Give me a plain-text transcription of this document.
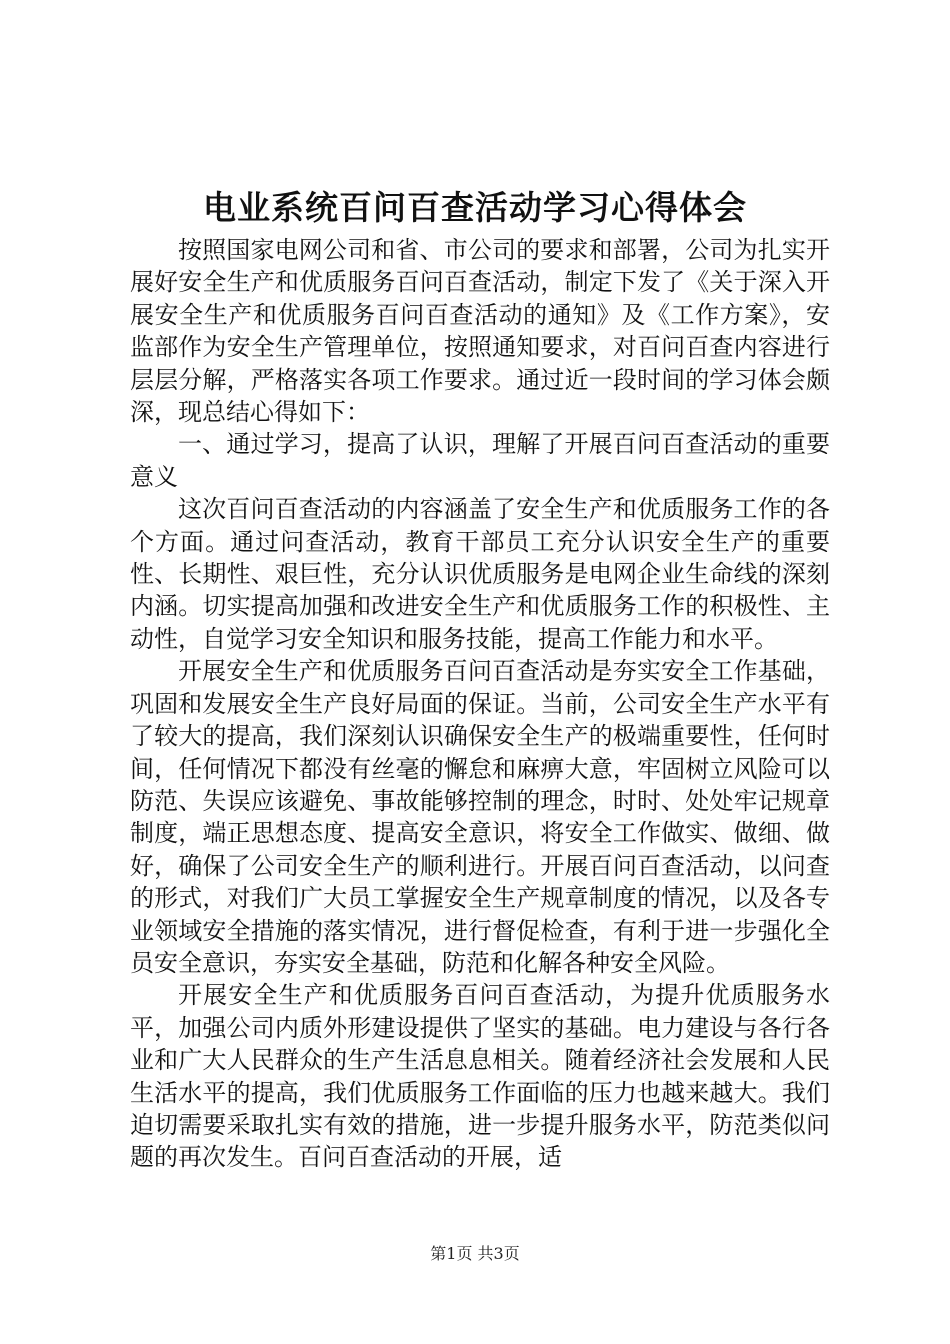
电业系统百问百查活动学习心得体会

按照国家电网公司和省、市公司的要求和部署，公司为扎实开展好安全生产和优质服务百问百查活动，制定下发了《关于深入开展安全生产和优质服务百问百查活动的通知》及《工作方案》，安监部作为安全生产管理单位，按照通知要求，对百问百查内容进行层层分解，严格落实各项工作要求。通过近一段时间的学习体会颇深，现总结心得如下：

一、通过学习，提高了认识，理解了开展百问百查活动的重要意义

这次百问百查活动的内容涵盖了安全生产和优质服务工作的各个方面。通过问查活动，教育干部员工充分认识安全生产的重要性、长期性、艰巨性，充分认识优质服务是电网企业生命线的深刻内涵。切实提高加强和改进安全生产和优质服务工作的积极性、主动性，自觉学习安全知识和服务技能，提高工作能力和水平。

开展安全生产和优质服务百问百查活动是夯实安全工作基础，巩固和发展安全生产良好局面的保证。当前，公司安全生产水平有了较大的提高，我们深刻认识确保安全生产的极端重要性，任何时间，任何情况下都没有丝毫的懈怠和麻痹大意，牢固树立风险可以防范、失误应该避免、事故能够控制的理念，时时、处处牢记规章制度，端正思想态度、提高安全意识，将安全工作做实、做细、做好，确保了公司安全生产的顺利进行。开展百问百查活动，以问查的形式，对我们广大员工掌握安全生产规章制度的情况，以及各专业领域安全措施的落实情况，进行督促检查，有利于进一步强化全员安全意识，夯实安全基础，防范和化解各种安全风险。

开展安全生产和优质服务百问百查活动，为提升优质服务水平，加强公司内质外形建设提供了坚实的基础。电力建设与各行各业和广大人民群众的生产生活息息相关。随着经济社会发展和人民生活水平的提高，我们优质服务工作面临的压力也越来越大。我们迫切需要采取扎实有效的措施，进一步提升服务水平，防范类似问题的再次发生。百问百查活动的开展，适

第1页 共3页
